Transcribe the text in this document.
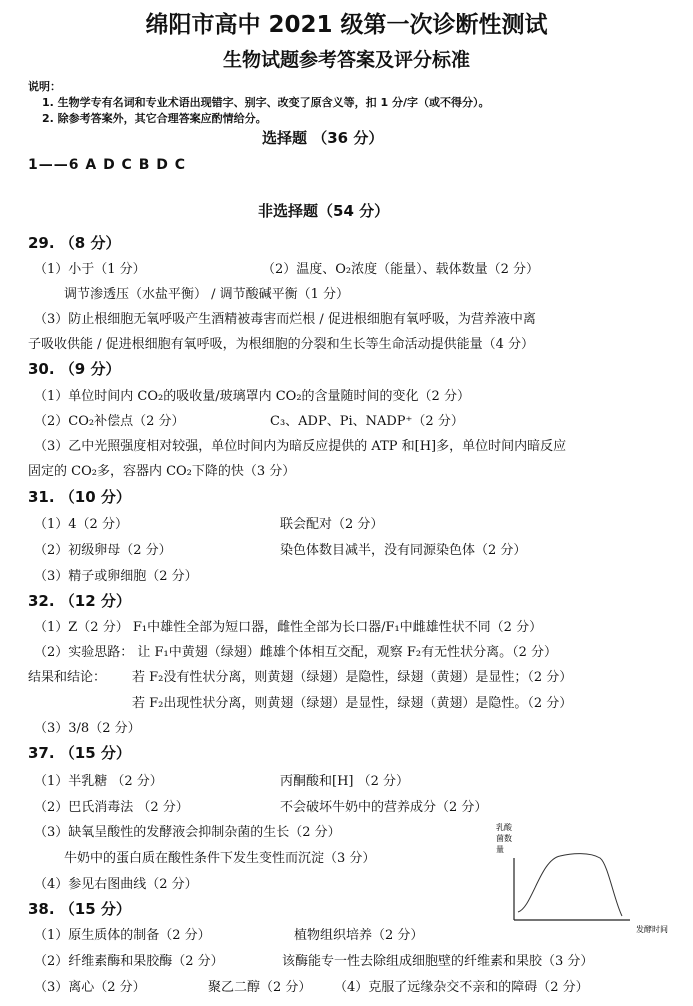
绵阳市高中 2021 级第一次诊断性测试
生物试题参考答案及评分标准
说明：
1. 生物学专有名词和专业术语出现错字、别字、改变了原含义等，扣 1 分/字（或不得分）。
2. 除参考答案外，其它合理答案应酌情给分。
选择题 （36 分）
1——6 A D C B D C
非选择题（54 分）
29. （8 分）
（1）小于（1 分）	（2）温度、O₂浓度（能量）、载体数量（2 分）
调节渗透压（水盐平衡） / 调节酸碱平衡（1 分）
（3）防止根细胞无氧呼吸产生酒精被毒害而烂根 / 促进根细胞有氧呼吸，为营养液中离
子吸收供能 / 促进根细胞有氧呼吸，为根细胞的分裂和生长等生命活动提供能量（4 分）
30. （9 分）
（1）单位时间内 CO₂的吸收量/玻璃罩内 CO₂的含量随时间的变化（2 分）
（2）CO₂补偿点（2 分）	C₃、ADP、Pi、NADP⁺（2 分）
（3）乙中光照强度相对较强，单位时间内为暗反应提供的 ATP 和[H]多，单位时间内暗反应
固定的 CO₂多，容器内 CO₂下降的快（3 分）
31. （10 分）
（1）4（2 分）	联会配对（2 分）
（2）初级卵母（2 分）	染色体数目减半，没有同源染色体（2 分）
（3）精子或卵细胞（2 分）
32. （12 分）
（1）Z（2 分） F₁中雄性全部为短口器，雌性全部为长口器/F₁中雌雄性状不同（2 分）
（2）实验思路： 让 F₁中黄翅（绿翅）雌雄个体相互交配，观察 F₂有无性状分离。（2 分）
结果和结论： 若 F₂没有性状分离，则黄翅（绿翅）是隐性，绿翅（黄翅）是显性；（2 分）
若 F₂出现性状分离，则黄翅（绿翅）是显性，绿翅（黄翅）是隐性。（2 分）
（3）3/8（2 分）
37. （15 分）
（1）半乳糖 （2 分）	丙酮酸和[H] （2 分）
（2）巴氏消毒法 （2 分）	不会破坏牛奶中的营养成分（2 分）
（3）缺氧呈酸性的发酵液会抑制杂菌的生长（2 分）
牛奶中的蛋白质在酸性条件下发生变性而沉淀（3 分）
（4）参见右图曲线（2 分）
乳酸
菌数
量
发酵时间
38. （15 分）
（1）原生质体的制备（2 分）	植物组织培养（2 分）
（2）纤维素酶和果胶酶（2 分）	该酶能专一性去除组成细胞壁的纤维素和果胶（3 分）
（3）离心（2 分）	聚乙二醇（2 分） （4）克服了远缘杂交不亲和的障碍（2 分）
